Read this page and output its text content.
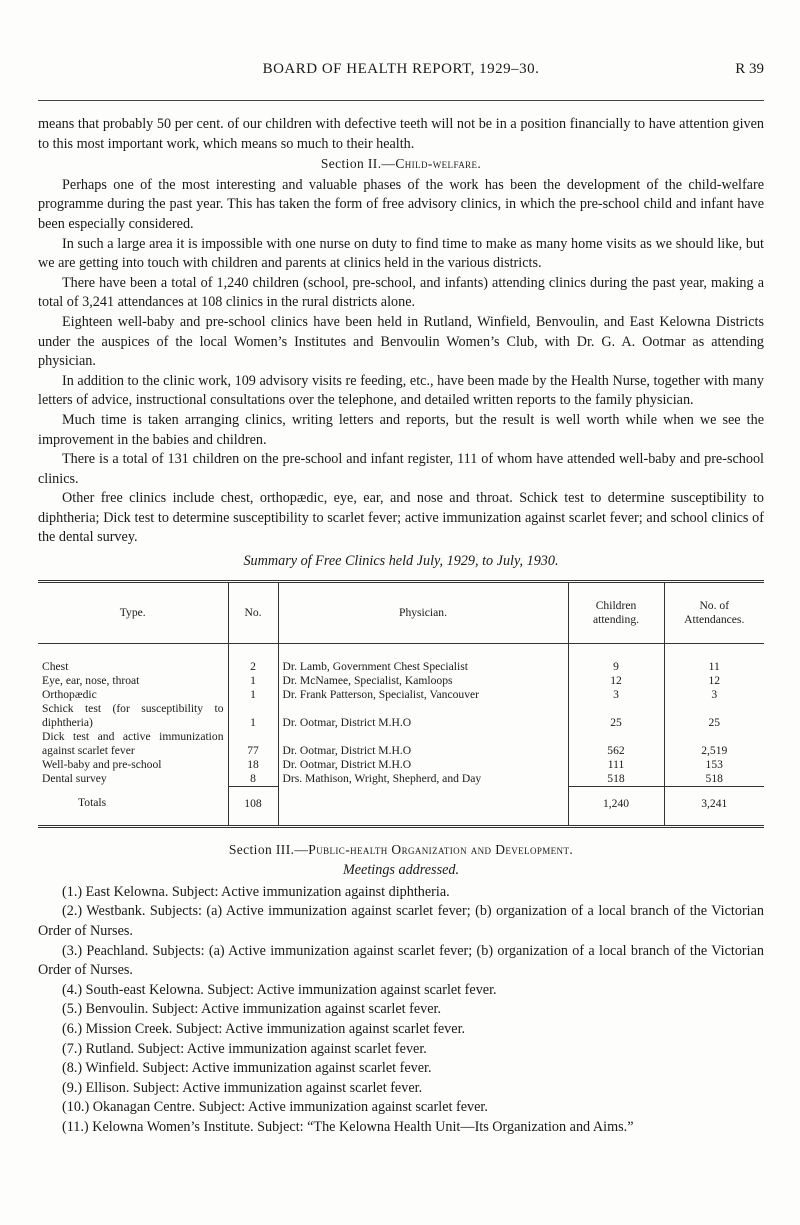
BOARD OF HEALTH REPORT, 1929–30.	R 39

means that probably 50 per cent. of our children with defective teeth will not be in a position financially to have attention given to this most important work, which means so much to their health.

Section II.—Child-welfare.

Perhaps one of the most interesting and valuable phases of the work has been the development of the child-welfare programme during the past year. This has taken the form of free advisory clinics, in which the pre-school child and infant have been especially considered.

In such a large area it is impossible with one nurse on duty to find time to make as many home visits as we should like, but we are getting into touch with children and parents at clinics held in the various districts.

There have been a total of 1,240 children (school, pre-school, and infants) attending clinics during the past year, making a total of 3,241 attendances at 108 clinics in the rural districts alone.

Eighteen well-baby and pre-school clinics have been held in Rutland, Winfield, Benvoulin, and East Kelowna Districts under the auspices of the local Women’s Institutes and Benvoulin Women’s Club, with Dr. G. A. Ootmar as attending physician.

In addition to the clinic work, 109 advisory visits re feeding, etc., have been made by the Health Nurse, together with many letters of advice, instructional consultations over the telephone, and detailed written reports to the family physician.

Much time is taken arranging clinics, writing letters and reports, but the result is well worth while when we see the improvement in the babies and children.

There is a total of 131 children on the pre-school and infant register, 111 of whom have attended well-baby and pre-school clinics.

Other free clinics include chest, orthopædic, eye, ear, and nose and throat. Schick test to determine susceptibility to diphtheria; Dick test to determine susceptibility to scarlet fever; active immunization against scarlet fever; and school clinics of the dental survey.

Summary of Free Clinics held July, 1929, to July, 1930.
Type.	No.	Physician.	Children attending.	No. of Attendances.
Chest	2	Dr. Lamb, Government Chest Specialist	9	11
Eye, ear, nose, throat	1	Dr. McNamee, Specialist, Kamloops	12	12
Orthopædic	1	Dr. Frank Patterson, Specialist, Vancouver	3	3
Schick test (for susceptibility to diphtheria)	1	Dr. Ootmar, District M.H.O	25	25
Dick test and active immunization against scarlet fever	77	Dr. Ootmar, District M.H.O	562	2,519
Well-baby and pre-school	18	Dr. Ootmar, District M.H.O	111	153
Dental survey	8	Drs. Mathison, Wright, Shepherd, and Day	518	518
Totals	108		1,240	3,241
Section III.—Public-health Organization and Development.
Meetings addressed.

(1.) East Kelowna. Subject: Active immunization against diphtheria.

(2.) Westbank. Subjects: (a) Active immunization against scarlet fever; (b) organization of a local branch of the Victorian Order of Nurses.

(3.) Peachland. Subjects: (a) Active immunization against scarlet fever; (b) organization of a local branch of the Victorian Order of Nurses.

(4.) South-east Kelowna. Subject: Active immunization against scarlet fever.

(5.) Benvoulin. Subject: Active immunization against scarlet fever.

(6.) Mission Creek. Subject: Active immunization against scarlet fever.

(7.) Rutland. Subject: Active immunization against scarlet fever.

(8.) Winfield. Subject: Active immunization against scarlet fever.

(9.) Ellison. Subject: Active immunization against scarlet fever.

(10.) Okanagan Centre. Subject: Active immunization against scarlet fever.

(11.) Kelowna Women’s Institute. Subject: “The Kelowna Health Unit—Its Organization and Aims.”
